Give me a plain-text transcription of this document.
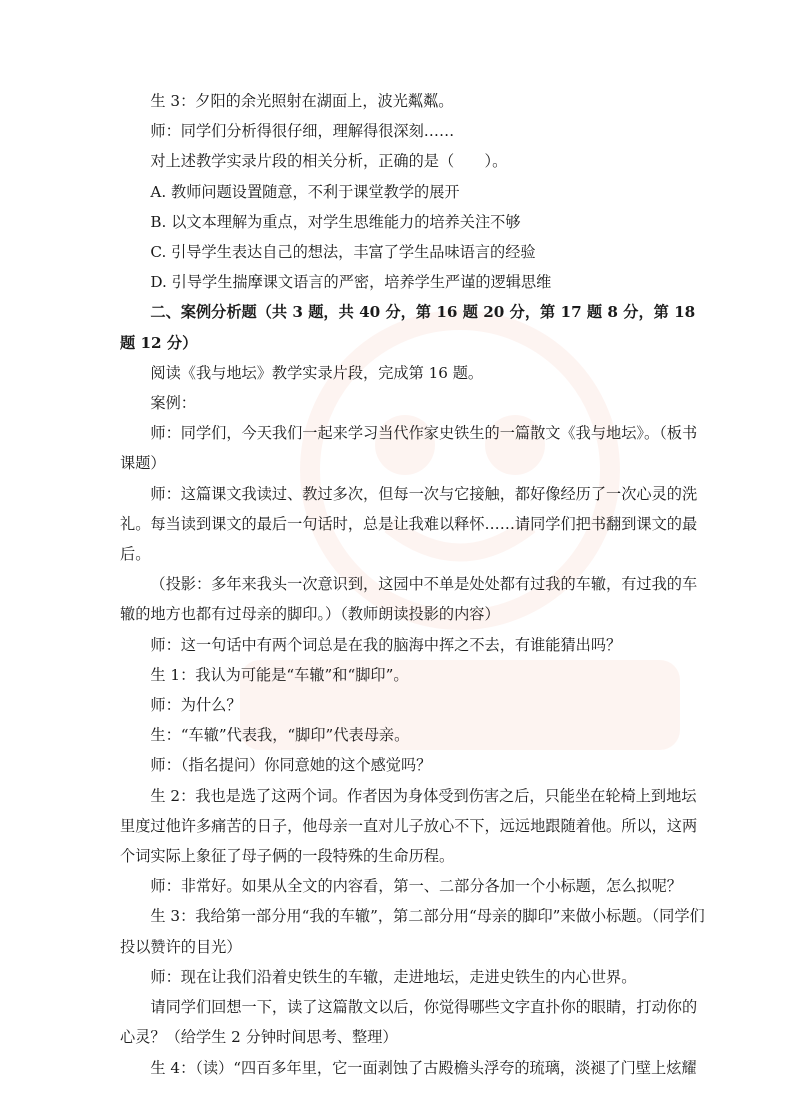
生 3：夕阳的余光照射在湖面上，波光粼粼。

师：同学们分析得很仔细，理解得很深刻……

对上述教学实录片段的相关分析，正确的是（　　）。

A. 教师问题设置随意，不利于课堂教学的展开

B. 以文本理解为重点，对学生思维能力的培养关注不够

C. 引导学生表达自己的想法，丰富了学生品味语言的经验

D. 引导学生揣摩课文语言的严密，培养学生严谨的逻辑思维

二、案例分析题（共 3 题，共 40 分，第 16 题 20 分，第 17 题 8 分，第 18 题 12 分）

阅读《我与地坛》教学实录片段，完成第 16 题。

案例：

师：同学们，今天我们一起来学习当代作家史铁生的一篇散文《我与地坛》。（板书课题）

师：这篇课文我读过、教过多次，但每一次与它接触，都好像经历了一次心灵的洗礼。每当读到课文的最后一句话时，总是让我难以释怀……请同学们把书翻到课文的最后。

（投影：多年来我头一次意识到，这园中不单是处处都有过我的车辙，有过我的车辙的地方也都有过母亲的脚印。）（教师朗读投影的内容）

师：这一句话中有两个词总是在我的脑海中挥之不去，有谁能猜出吗？

生 1：我认为可能是“车辙”和“脚印”。

师：为什么？

生：“车辙”代表我，“脚印”代表母亲。

师：（指名提问）你同意她的这个感觉吗？

生 2：我也是选了这两个词。作者因为身体受到伤害之后，只能坐在轮椅上到地坛里度过他许多痛苦的日子，他母亲一直对儿子放心不下，远远地跟随着他。所以，这两个词实际上象征了母子俩的一段特殊的生命历程。

师：非常好。如果从全文的内容看，第一、二部分各加一个小标题，怎么拟呢？

生 3：我给第一部分用“我的车辙”，第二部分用“母亲的脚印”来做小标题。（同学们投以赞许的目光）

师：现在让我们沿着史铁生的车辙，走进地坛，走进史铁生的内心世界。

请同学们回想一下，读了这篇散文以后，你觉得哪些文字直扑你的眼睛，打动你的心灵？（给学生 2 分钟时间思考、整理）

生 4：（读）“四百多年里，它一面剥蚀了古殿檐头浮夸的琉璃，淡褪了门壁上炫耀
